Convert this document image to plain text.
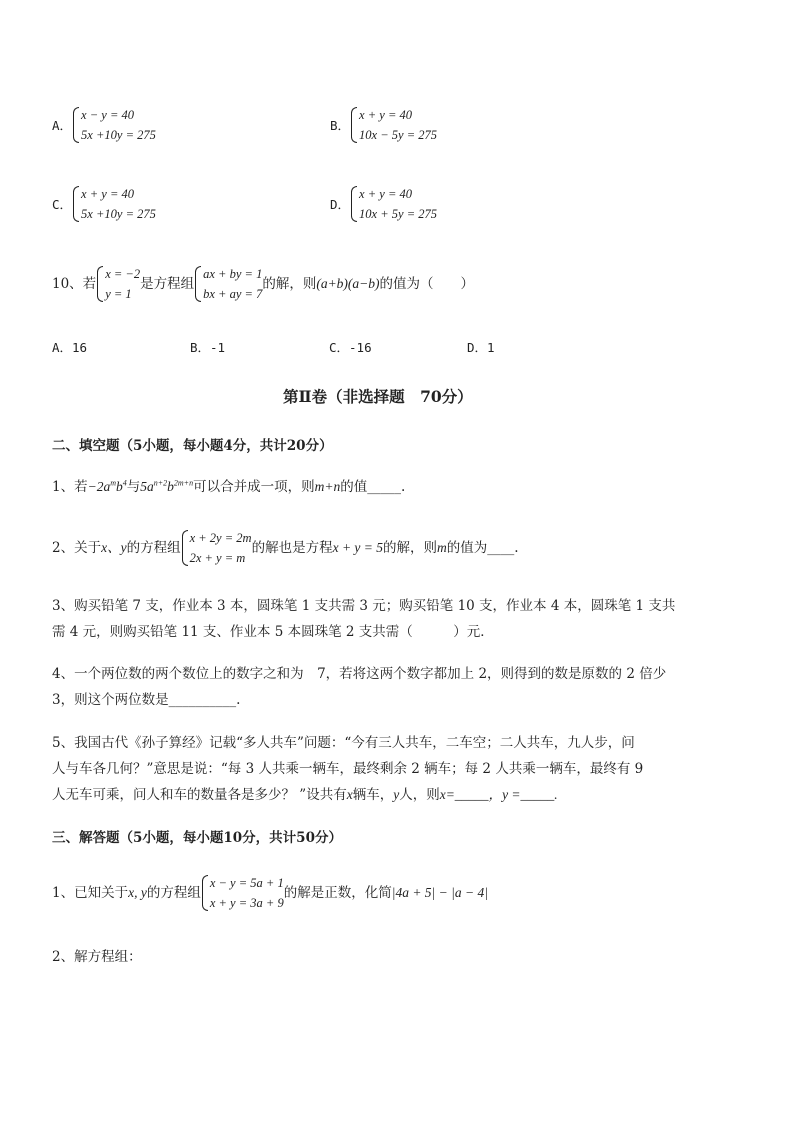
A．
x − y = 40
5x +10y = 275
B．
x + y = 40
10x − 5y = 275
C．
x + y = 40
5x +10y = 275
D．
x + y = 40
10x + 5y = 275
10、若
x = −2
y = 1
是方程组
ax + by = 1
bx + ay = 7
的解，则(a+b)(a−b)的值为（　　）
A．16	B．-1	C．-16	D．1
第Ⅱ卷（非选择题　70分）
二、填空题（5小题，每小题4分，共计20分）
1、若$-2a^mb^4$与$5a^{n+2}b^{2m+n}$可以合并成一项，则m+n的值_____.
2、关于x、y的方程组
x + 2y = 2m
2x + y = m
的解也是方程x + y = 5的解，则m的值为____.
3、购买铅笔 7 支，作业本 3 本，圆珠笔 1 支共需 3 元；购买铅笔 10 支，作业本 4 本，圆珠笔 1 支共
需 4 元，则购买铅笔 11 支、作业本 5 本圆珠笔 2 支共需（　　　）元．
4、一个两位数的两个数位上的数字之和为　7，若将这两个数字都加上 2，则得到的数是原数的 2 倍少
3，则这个两位数是__________.
5、我国古代《孙子算经》记载“多人共车”问题：“今有三人共车，二车空；二人共车，九人步，问
人与车各几何？”意思是说：“每 3 人共乘一辆车，最终剩余 2 辆车；每 2 人共乘一辆车，最终有 9
人无车可乘，问人和车的数量各是多少？ ”设共有x辆车，y人，则x=_____，y =_____.
三、解答题（5小题，每小题10分，共计50分）
1、已知关于x, y的方程组
x − y = 5a + 1
x + y = 3a + 9
的解是正数，化简|4a + 5| − |a − 4|
2、解方程组：
